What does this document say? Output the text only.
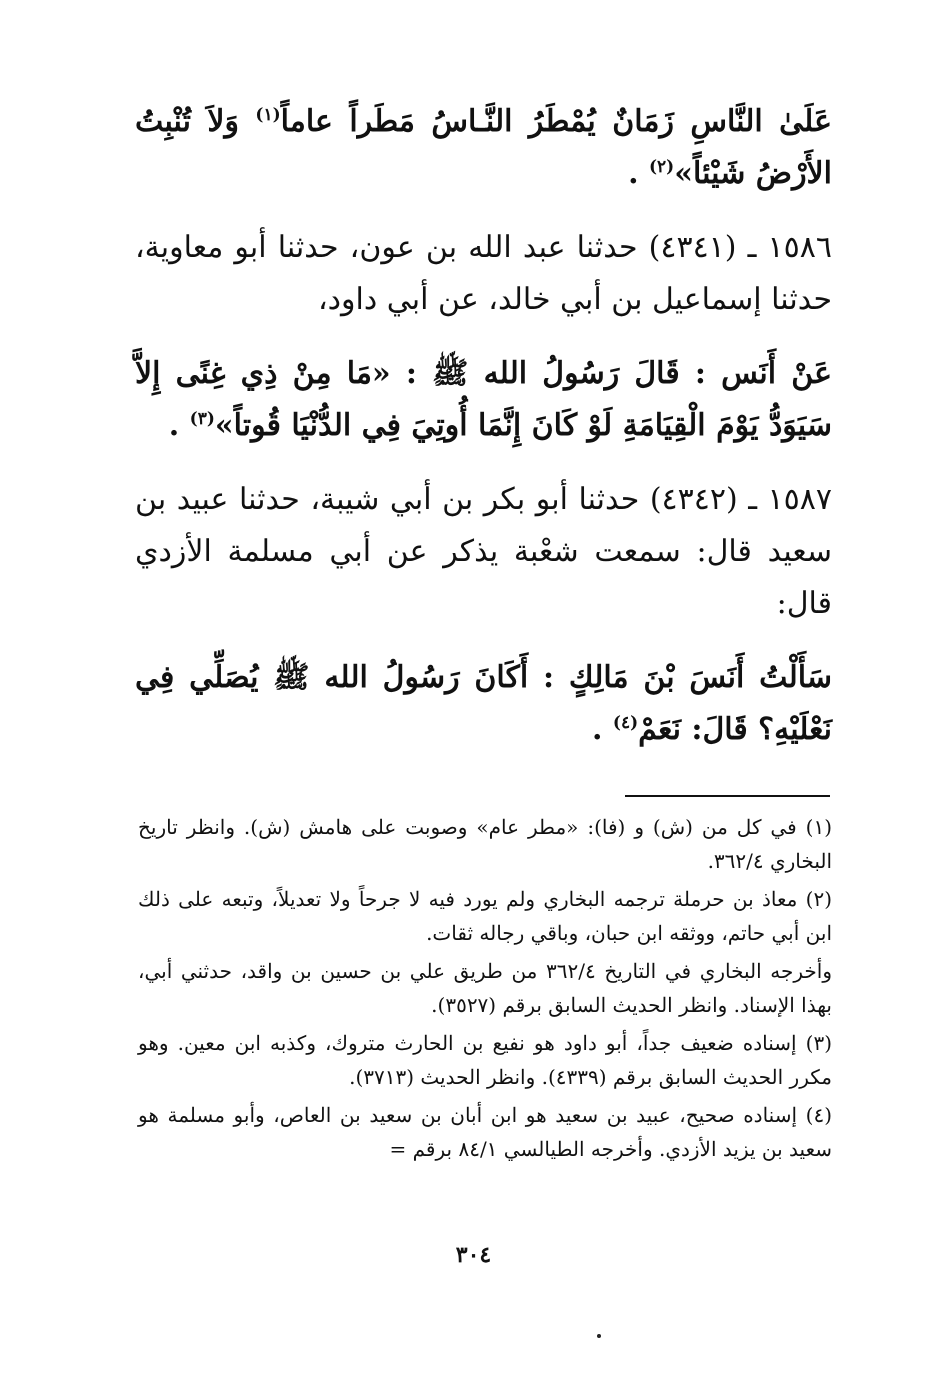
عَلَىٰ النَّاسِ زَمَانٌ يُمْطَرُ النَّـاسُ مَطَراً عاماً$^{(١)}$ وَلاَ تُنْبِتُ الأَرْضُ شَيْئاً»$^{(٢)}$ .

١٥٨٦ ـ (٤٣٤١) حدثنا عبد الله بن عون، حدثنا أبو معاوية، حدثنا إسماعيل بن أبي خالد، عن أبي داود،

عَنْ أَنَس : قَالَ رَسُولُ الله ﷺ : «مَا مِنْ ذِي غِنًى إِلاَّ سَيَوَدُّ يَوْمَ الْقِيَامَةِ لَوْ كَانَ إِنَّمَا أُوتِيَ فِي الدُّنْيَا قُوتاً»$^{(٣)}$ .

١٥٨٧ ـ (٤٣٤٢) حدثنا أبو بكر بن أبي شيبة، حدثنا عبيد بن سعيد قال: سمعت شعْبة يذكر عن أبي مسلمة الأزدي قال:

سَأَلْتُ أَنَسَ بْنَ مَالِكٍ : أَكَانَ رَسُولُ الله ﷺ يُصَلِّي فِي نَعْلَيْهِ؟ قَالَ: نَعَمْ$^{(٤)}$ .

(١) في كل من (ش) و (فا): «مطر عام» وصوبت على هامش (ش). وانظر تاريخ البخاري ٣٦٢/٤.

(٢) معاذ بن حرملة ترجمه البخاري ولم يورد فيه لا جرحاً ولا تعديلاً، وتبعه على ذلك ابن أبي حاتم، ووثقه ابن حبان، وباقي رجاله ثقات.

وأخرجه البخاري في التاريخ ٣٦٢/٤ من طريق علي بن حسين بن واقد، حدثني أبي، بهذا الإسناد. وانظر الحديث السابق برقم (٣٥٢٧).

(٣) إسناده ضعيف جداً، أبو داود هو نفيع بن الحارث متروك، وكذبه ابن معين. وهو مكرر الحديث السابق برقم (٤٣٣٩). وانظر الحديث (٣٧١٣).

(٤) إسناده صحيح، عبيد بن سعيد هو ابن أبان بن سعيد بن العاص، وأبو مسلمة هو سعيد بن يزيد الأزدي. وأخرجه الطيالسي ٨٤/١ برقم =

٣٠٤
